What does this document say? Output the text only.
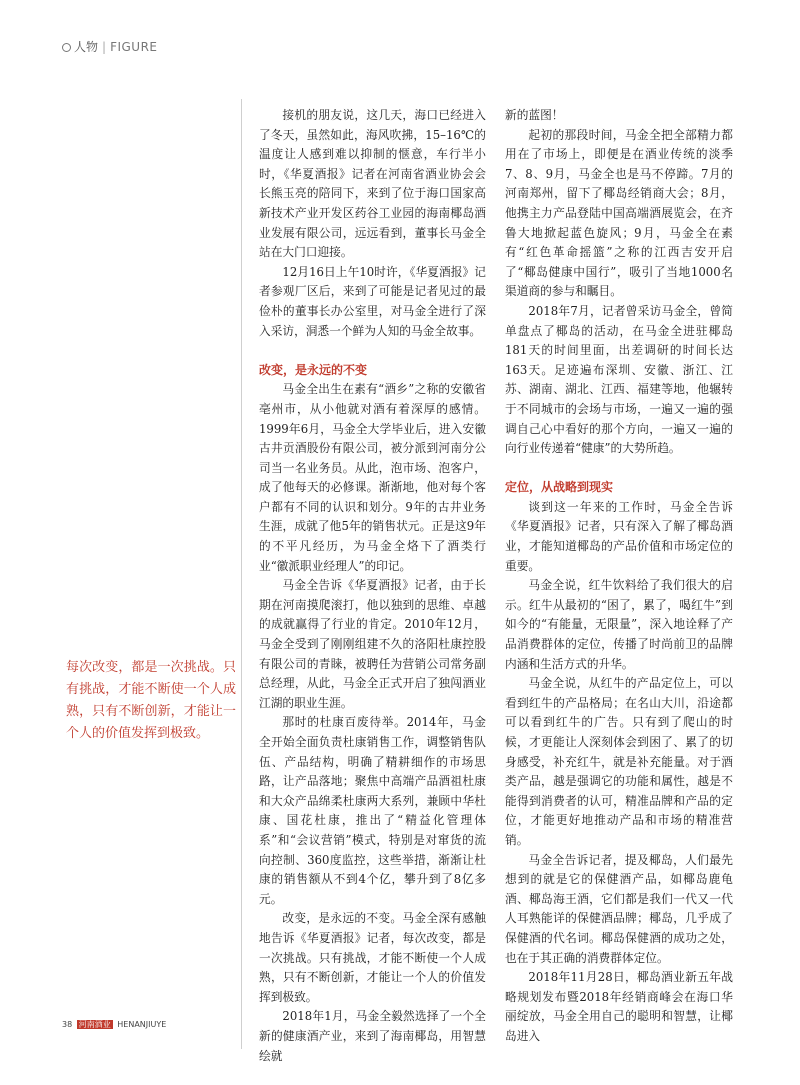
人物 | FIGURE
每次改变，都是一次挑战。只有挑战，才能不断使一个人成熟，只有不断创新，才能让一个人的价值发挥到极致。

接机的朋友说，这几天，海口已经进入了冬天，虽然如此，海风吹拂，15–16℃的温度让人感到难以抑制的惬意，车行半小时，《华夏酒报》记者在河南省酒业协会会长熊玉亮的陪同下，来到了位于海口国家高新技术产业开发区药谷工业园的海南椰岛酒业发展有限公司，远远看到，董事长马金全站在大门口迎接。

12月16日上午10时许，《华夏酒报》记者参观厂区后，来到了可能是记者见过的最俭朴的董事长办公室里，对马金全进行了深入采访，洞悉一个鲜为人知的马金全故事。

改变，是永远的不变

马金全出生在素有“酒乡”之称的安徽省亳州市，从小他就对酒有着深厚的感情。1999年6月，马金全大学毕业后，进入安徽古井贡酒股份有限公司，被分派到河南分公司当一名业务员。从此，泡市场、泡客户，成了他每天的必修课。渐渐地，他对每个客户都有不同的认识和划分。9年的古井业务生涯，成就了他5年的销售状元。正是这9年的不平凡经历，为马金全烙下了酒类行业“徽派职业经理人”的印记。

马金全告诉《华夏酒报》记者，由于长期在河南摸爬滚打，他以独到的思维、卓越的成就赢得了行业的肯定。2010年12月，马金全受到了刚刚组建不久的洛阳杜康控股有限公司的青睐，被聘任为营销公司常务副总经理，从此，马金全正式开启了独闯酒业江湖的职业生涯。

那时的杜康百废待举。2014年，马金全开始全面负责杜康销售工作，调整销售队伍、产品结构，明确了精耕细作的市场思路，让产品落地；聚焦中高端产品酒祖杜康和大众产品绵柔杜康两大系列，兼顾中华杜康、国花杜康，推出了“精益化管理体系”和“会议营销”模式，特别是对窜货的流向控制、360度监控，这些举措，渐渐让杜康的销售额从不到4个亿，攀升到了8亿多元。

改变，是永远的不变。马金全深有感触地告诉《华夏酒报》记者，每次改变，都是一次挑战。只有挑战，才能不断使一个人成熟，只有不断创新，才能让一个人的价值发挥到极致。

2018年1月，马金全毅然选择了一个全新的健康酒产业，来到了海南椰岛，用智慧绘就

新的蓝图！

起初的那段时间，马金全把全部精力都用在了市场上，即便是在酒业传统的淡季7、8、9月，马金全也是马不停蹄。7月的河南郑州，留下了椰岛经销商大会；8月，他携主力产品登陆中国高端酒展览会，在齐鲁大地掀起蓝色旋风；9月，马金全在素有“红色革命摇篮”之称的江西吉安开启了“椰岛健康中国行”，吸引了当地1000名渠道商的参与和瞩目。

2018年7月，记者曾采访马金全，曾简单盘点了椰岛的活动，在马金全进驻椰岛181天的时间里面，出差调研的时间长达163天。足迹遍布深圳、安徽、浙江、江苏、湖南、湖北、江西、福建等地，他辗转于不同城市的会场与市场，一遍又一遍的强调自己心中看好的那个方向，一遍又一遍的向行业传递着“健康”的大势所趋。

定位，从战略到现实

谈到这一年来的工作时，马金全告诉《华夏酒报》记者，只有深入了解了椰岛酒业，才能知道椰岛的产品价值和市场定位的重要。

马金全说，红牛饮料给了我们很大的启示。红牛从最初的“困了，累了，喝红牛”到如今的“有能量，无限量”，深入地诠释了产品消费群体的定位，传播了时尚前卫的品牌内涵和生活方式的升华。

马金全说，从红牛的产品定位上，可以看到红牛的产品格局；在名山大川，沿途都可以看到红牛的广告。只有到了爬山的时候，才更能让人深刻体会到困了、累了的切身感受，补充红牛，就是补充能量。对于酒类产品，越是强调它的功能和属性，越是不能得到消费者的认可，精准品牌和产品的定位，才能更好地推动产品和市场的精准营销。

马金全告诉记者，提及椰岛，人们最先想到的就是它的保健酒产品，如椰岛鹿龟酒、椰岛海王酒，它们都是我们一代又一代人耳熟能详的保健酒品牌；椰岛，几乎成了保健酒的代名词。椰岛保健酒的成功之处，也在于其正确的消费群体定位。

2018年11月28日，椰岛酒业新五年战略规划发布暨2018年经销商峰会在海口华丽绽放，马金全用自己的聪明和智慧，让椰岛进入

38 河南酒业 HENANJIUYE
